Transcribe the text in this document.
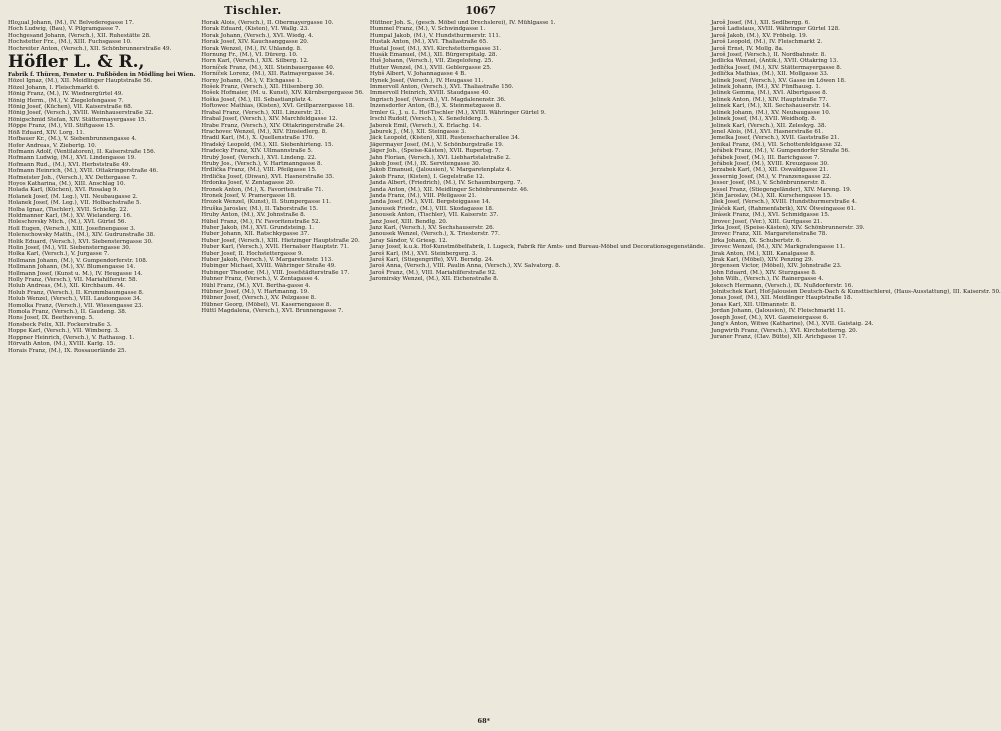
Tischler.	1067
Hloᵹual Johann, (M.), IV. Belvederegasse 17.
Hoch Ludwig, (Bau), V. Pilgramgasse 7.
Hochgesand Johann, (Versch.), XII. Ruhestätte 28.
Hochstetter Frz., (M.), XIII. Fuchsgasse 10.
Hochreiter Anton, (Versch.), XII. Schönbrunnerstraße 49.
Höfler L. & R.,
Fabrik f. Thüren, Fenster u. Fußböden in Mödling bei Wien.
Hözel Ignaz, (M.), XII. Meidlinger Hauptstraße 56.
Hözel Johann, I. Fleischmarkt 6.
Hönig Franz, (M.), IV. Wiednergürtel 49.
Hönig Herm., (M.), V. Ziegelofengasse 7.
Hönig Josef, (Küchen), VII. Kaiserstraße 68.
Hönig Josef, (Versch.), XVIII. Weinhauserstraße 32.
Hönigschmid Stefan, XIV. Stättermayergasse 15.
Höppe Franz, (M.), VII. Stiftgasse 15.
Höß Eduard, XIV. Lorg. 11.
Hofbauer Kr., (M.), V. Siebenbrunnengasse 4.
Hofer Andreas, V. Ziebertg. 10.
Hofmann Adolf, (Ventilatoren), II. Kaiserstraße 156.
Hofmann Ludwig, (M.), XVI. Lindengasse 19.
Hofmann Rud., (M.), XVI. Herbststraße 49.
Hofmann Heinrich, (M.), XVII. Ottakringerstraße 46.
Hofmeister Joh., (Versch.), XV. Dettergasse 7.
Hoyos Katharina, (M.), XIII. Anschlag 10.
Holada Karl, (Küchen), XVI. Rosalag 9.
Holanek Josef, (M. Leg.), VII. Neubaugasse 2.
Holanek Josef, (M. Leg.), VII. Holbachstraße 5.
Holba Ignaz, (Tischler), XVII. Schießg. 22.
Holdmanner Karl, (M.), XV. Wielanderg. 16.
Holeschovsky Mich., (M.), XVI. Gürtel 56.
Holl Eugen, (Versch.), XIII. Josefinengasse 3.
Holenschowsky Matth., (M.), XIV. Gudrunstraße 38.
Holik Eduard, (Versch.), XVI. Siebensterngasse 30.
Holin Josef, (M.), VII. Siebensterngasse 30.
Holka Karl, (Versch.), V. Jurgasse 7.
Hollmann Johann, (M.), V. Gumpendorferstr. 108.
Hollmann Johann, (M.), XV. Blumengasse 14.
Hollmann Josef, (Kunst u. M.), IV. Heugasse 14.
Holly Franz, (Versch.), VII. Mariahilferstr. 58.
Holub Andreas, (M.), XII. Kirchbaum. 44.
Holub Franz, (Versch.), II. Krummbaumgasse 8.
Holub Wenzel, (Versch.), VIII. Laudongasse 34.
Homolka Franz, (Versch.), VII. Wiesengasse 23.
Homola Franz, (Versch.), II. Gaudeng. 38.
Hons Josef, IX. Beethoveng. 5.
Honsbeck Felix, XII. Fockerstraße 3.
Hoppe Karl, (Versch.), VII. Wimberg. 3.
Hoppner Heinrich, (Versch.), V. Rathausg. 1.
Hörvath Anton, (M.), XVIII. Karlg. 15.
Horais Franz, (M.), IX. Rossauerlände 25.
Horak Alois, (Versch.), II. Obermayergasse 10.
Horak Eduard, (Kisten), VI. Wallg. 23.
Horak Johann, (Versch.), XVI. Wiedg. 4.
Horak Josef, XIV. Kauchsanggasse 20.
Horak Wenzel, (M.), IV. Uhlandg. 8.
Hornung Fr., (M.), VI. Dürerg. 10.
Horn Karl, (Versch.), XIX. Silberg. 12.
Horníček Franz, (M.), XII. Steinbauergasse 40.
Horníček Lorenz, (M.), XII. Ratmayergasse 34.
Horny Johann, (M.), V. Eichgasse 1.
Hošek Franz, (Versch.), XII. Hilsenberg 30.
Hošek Hofmaier, (M. u. Kunst), XIV. Kürnbergergasse 56.
Hoška Josef, (M.), III. Sebastianplatz 4.
Hoftowec Mathias, (Kisten), XVI. Grillparzergasse 18.
Hrabal Franz, (Versch.), XIII. Linzerstr. 21.
Hrabal Josef, (Versch.), XIV. Marchfeldgasse 12.
Hrabe Franz, (Versch.), XIV. Ottakringerstraße 24.
Hrachovec Wenzel, (M.), XIV. Einsiedlerg. 8.
Hradil Karl, (M.), X. Quellenstraße 170.
Hradský Leopold, (M.), XII. Siebenhirteng. 15.
Hradecky Franz, XIV. Ullmannstraße 5.
Hrubý Josef, (Versch.), XVI. Lindeng. 22.
Hruby Jos., (Versch.), V. Hartmanngasse 8.
Hrdlička Franz, (M.), VIII. Pfeilgasse 15.
Hrdlička Josef, (Diwan), XVI. Hasnerstraße 35.
Hrdonka Josef, V. Zentagasse 20.
Hronek Anton, (M.), X. Favoritenstraße 71.
Hronek Josef, V. Pramergasse 18.
Hrozek Wenzel, (Kunst), II. Stumpergasse 11.
Hruška Jaroslav, (M.), II. Taborstraße 15.
Hruby Anton, (M.), XV. Johnstraße 8.
Hübel Franz, (M.), IV. Favoritenstraße 52.
Huber Jakob, (M.), XVI. Grundsteing. 1.
Huber Johann, XII. Ratschkygasse 37.
Huber Josef, (Versch.), XIII. Hietzinger Hauptstraße 20.
Huber Karl, (Versch.), XVII. Hernalser Hauptstr. 71.
Huber Josef, II. Hochstettergasse 9.
Huber Jakob, (Versch.), V. Margaretenstr. 113.
Hubinger Michael, XVIII. Währinger Straße 49.
Hubinger Theodor, (M.), VIII. Josefstädterstraße 17.
Hubner Franz, (Versch.), V. Zentagasse 4.
Hübl Franz, (M.), XVI. Bertha-gasse 4.
Hübner Josef, (M.), V. Hartmanng. 19.
Hübner Josef, (Versch.), XV. Pelzgasse 8.
Hübner Georg, (Möbel), VI. Kasernengasse 8.
Hüttl Magdalena, (Versch.), XVI. Brunnengasse 7.
Hüttner Joh. S., (gesch. Möbel und Drechslerei), IV. Mühlgasse 1.
Hummel Franz, (M.), V. Schwindgasse 1.
Humpal Jakob, (M.), V. Hundsthurmerstr. 111.
Hustak Anton, (M.), XVI. Thaliastraße 65.
Hustal Josef, (M.), XVI. Kirchstetterngasse 31.
Husák Emanuel, (M.), XII. Bürgerspitalg. 28.
Huš Johann, (Versch.), VII. Ziegelofeng. 25.
Hutter Wenzel, (M.), XVII. Geblergasse 25.
Hybš Albert, V. Johannagasse 4 B.
Hynek Josef, (Versch.), IV. Heugasse 11.
Immervoll Anton, (Versch.), XVI. Thaliastraße 150.
Immervoll Heinrich, XVIII. Staudgasse 40.
Ingrisch Josef, (Versch.), VI. Magdalenenstr. 36.
Inzensdorfer Anton, (B.), X. Steinmetzgasse 8.
Irmler G., J. u. L. Hof-Tischler (M.), XVIII. Währinger Gürtel 9.
Irschl Rudolf, (Versch.), X. Senefelderg. 5.
Jaborek Emil, (Versch.), X. Erlachg. 14.
Jaburek J., (M.), XII. Steingasse 3.
Jäck Leopold, (Kisten), XIII. Rustenschacherallee 34.
Jägermayer Josef, (M.), V. Schönburgstraße 19.
Jäger Joh., (Speise-Kästen), XVII. Rupertsg. 7.
Jahn Florian, (Versch.), XVI. Liebhartstalstraße 2.
Jakob Josef, (M.), IX. Servitengasse 30.
Jakob Emanuel, (Jalousien), V. Margaretenplatz 4.
Jakob Franz, (Kisten), I. Gegelstraße 12.
Janda Albert, (Friedrich), (M.), IV. Schaumburgerg. 7.
Janda Anton, (M.), XII. Meidlinger Schönbrunnerstr. 46.
Janda Franz, (M.), VIII. Pfeilgasse 21.
Janda Josef, (M.), XVII. Bergsteiggasse 14.
Janousek Friedr., (M.), VIII. Skodagasse 18.
Janousek Anton, (Tischler), VII. Kaiserstr. 37.
Janz Josef, XIII. Bendlg. 20.
Janz Karl, (Versch.), XV. Sechshauserstr. 26.
Janousek Wenzel, (Versch.), X. Triesterstr. 77.
Jaray Sándor, V. Griesg. 12.
Jaray Josef, k.u.k. Hof-Kunstmöbelfabrik, I. Lugeck, Fabrik für Amts- und Bureau-Möbel und Decorationsgegenstände.
Jareš Karl, (M.), XVI. Steinbergerg. 3.
Jareš Karl, (Stiegengriffe), XVI. Berndg. 24.
Jaroš Anna, (Versch.), VIII. Paulin Anna, (Versch.), XV. Salvatorg. 8.
Jaroš Franz, (M.), VIII. Mariahilferstraße 92.
Jaromirsky Wenzel, (M.), XII. Eichenstraße 8.
Jaroš Josef, (M.), XII. Sedlbergg. 6.
Jaroš Ladislaus, XVIII. Währinger Gürtel 128.
Jaroš Jakob, (M.), XV. Fröbelg. 19.
Jaroš Leopold, (M.), IV. Fleischmarkt 2.
Jaroš Ernst, IV. Mollg. 8a.
Jaroš Josef, (Versch.), II. Nordbahnstr. 8.
Jedlicka Wenzel, (Antik.), XVII. Ottakring 13.
Jedlička Josef, (M.), XIV. Stättermayergasse 8.
Jedlička Mathias, (M.), XII. Mollgasse 33.
Jelinek Josef, (Versch.), XV. Gasse im Löwen 18.
Jelinek Johann, (M.), XV. Fünfhausg. 1.
Jelinek Gemma, (M.), XVI. Albertgasse 8.
Jelinek Anton, (M.), XIV. Hauptstraße 77.
Jelinek Karl, (M.), XII. Sechshauserstr. 14.
Jelinek Johann, (M.), XV. Neubaugasse 10.
Jelinek Josef, (M.), XVII. Weidhofg. 8.
Jelinek Karl, (Versch.), XII. Zeleskyg. 38.
Jenel Alois, (M.), XVI. Hasnerstraße 61.
Jemelka Josef, (Versch.), XVII. Gaststraße 21.
Jenikal Franz, (M.), VII. Schottenfeldgasse 32.
Jeřábek Franz, (M.), V. Gumpendorfer Straße 56.
Jeřábek Josef, (M.), III. Barichgasse 7.
Jeřábek Josef, (M.), XVIII. Kreuzgasse 30.
Jerzabek Karl, (M.), XII. Oswaldgasse 21.
Jessernig Josef, (M.), V. Franzensgasse 22.
Jesser Josef, (M.), V. Schönbrunnerstr. 8.
Jessel Franz, (Stiegengeländer), XIV. Mareng. 19.
Jičín Jaroslav, (M.), XII. Kurschengasse 15.
Jílek Josef, (Versch.), XVIII. Hundsthurmerstraße 4.
Jiráček Karl, (Rahmenfabrik), XIV. Ölweingasse 61.
Jirásek Franz, (M.), XVI. Schmidgasse 15.
Jirovec Josef, (Ver.), XIII. Gurtgasse 21.
Jirka Josef, (Speise-Kästen), XIV. Schönbrunnerstr. 39.
Jirovec Franz, XII. Margaretenstraße 78.
Jirka Johann, IX. Schubertstr. 6.
Jirovec Wenzel, (M.), XIV. Markgrafengasse 11.
Jirak Anton, (M.), XIII. Kanalgasse 8.
Jirak Karl, (Möbel), XIV. Penzing 29.
Jörgensen Victor, (Möbel), XIV. Johnstraße 23.
John Eduard, (M.), XIV. Sturzgasse 8.
John Wilh., (Versch.), IV. Rainergasse 4.
Jokesch Hermann, (Versch.), IX. Nußdorferstr. 16.
Jolnitschek Karl, Hof-Jalousien Deutsch-Dach & Kunsttischlerei, (Haus-Ausstattung), III. Kaiserstr. 50.
Jonas Josef, (M.), XII. Meidlinger Hauptstraße 18.
Jonas Karl, XII. Ullmannstr. 8.
Jordan Johann, (Jalousien), IV. Fleischmarkt 11.
Joseph Josef, (M.), XVI. Gasmeiergasse 6.
Jung's Anton, Witwe (Katharine), (M.), XVII. Gaistaig. 24.
Jungwirth Franz, (Versch.), XVI. Kirchstetterng. 20.
Juraner Franz, (Clav. Bütte), XII. Arichgasse 17.
68*
